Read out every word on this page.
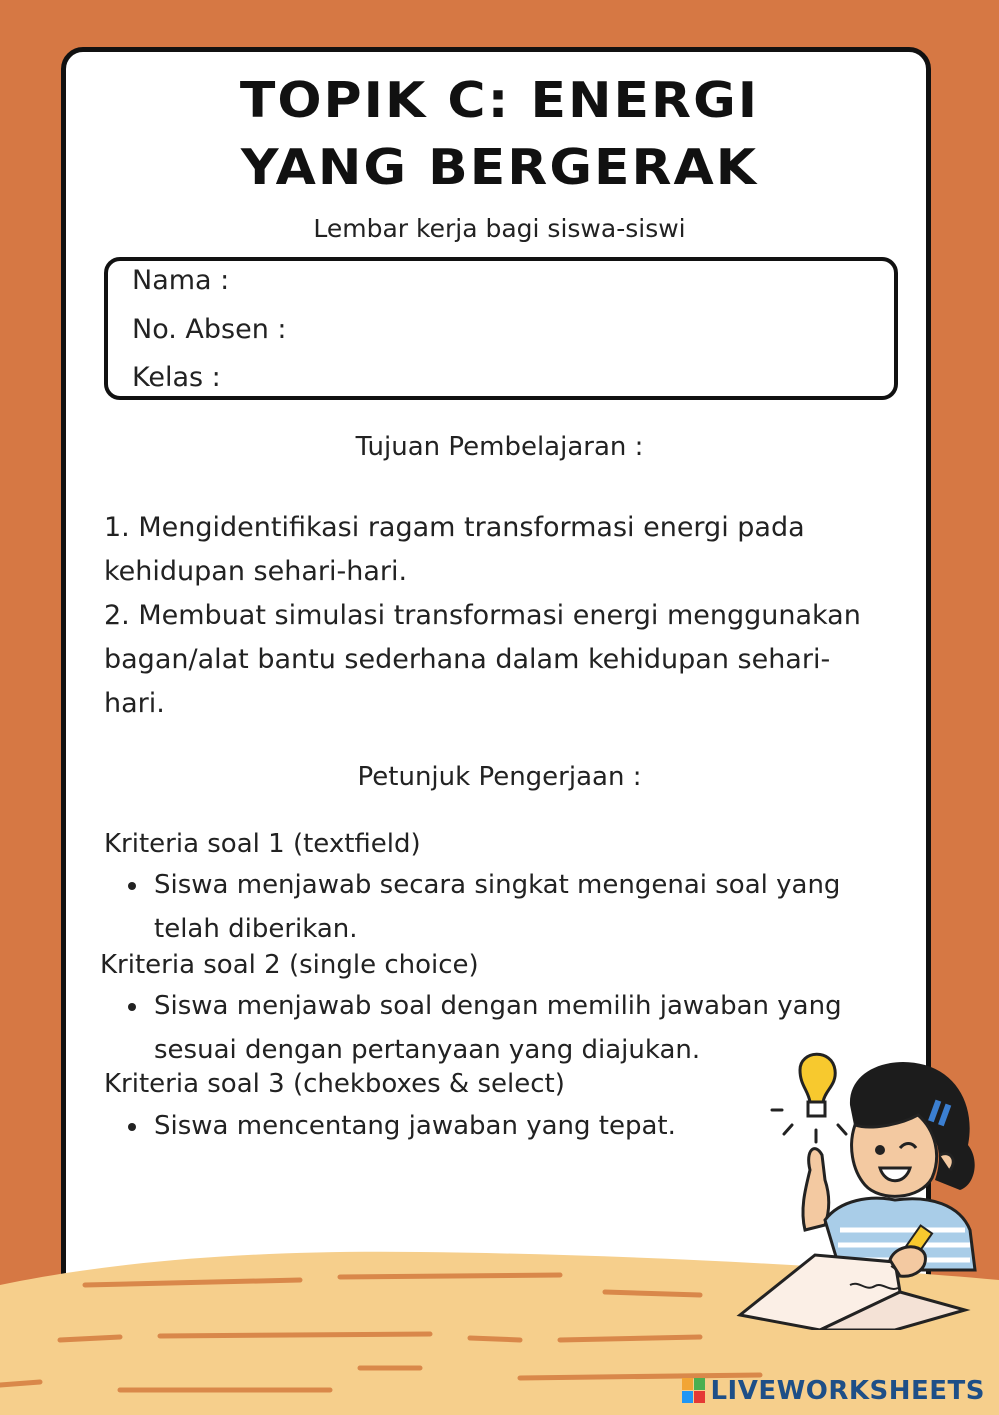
TOPIK C: ENERGI
YANG BERGERAK
Lembar kerja bagi siswa-siswi
Nama :
No. Absen :
Kelas :
Tujuan Pembelajaran :
1. Mengidentifikasi ragam transformasi energi pada
kehidupan sehari-hari.
2. Membuat simulasi transformasi energi menggunakan
bagan/alat bantu sederhana dalam kehidupan sehari-
hari.
Petunjuk Pengerjaan :
Kriteria soal 1 (textfield)
Siswa menjawab secara singkat mengenai soal yang
telah diberikan.
Kriteria soal 2 (single choice)
Siswa menjawab soal dengan memilih jawaban yang
sesuai dengan pertanyaan yang diajukan.
Kriteria soal 3 (chekboxes & select)
Siswa mencentang jawaban yang tepat.
LIVEWORKSHEETS
